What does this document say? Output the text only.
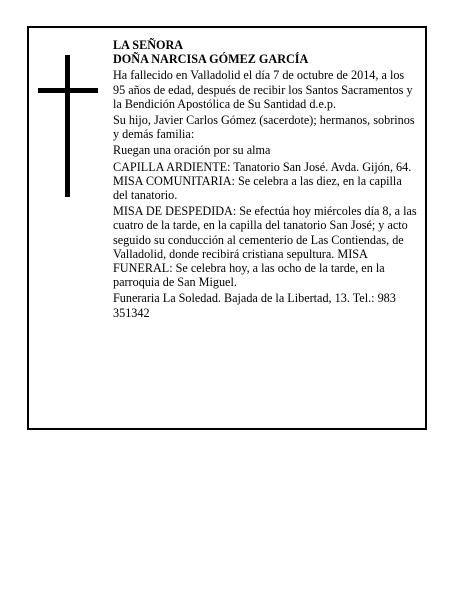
LA SEÑORA

DOÑA NARCISA GÓMEZ GARCÍA

Ha fallecido en Valladolid el día 7 de octubre de 2014, a los 95 años de edad, después de recibir los Santos Sacramentos y la Bendición Apostólica de Su Santidad d.e.p.

Su hijo, Javier Carlos Gómez (sacerdote); hermanos, sobrinos y demás familia:

Ruegan una oración por su alma

CAPILLA ARDIENTE: Tanatorio San José. Avda. Gijón, 64. MISA COMUNITARIA: Se celebra a las diez, en la capilla del tanatorio.

MISA DE DESPEDIDA: Se efectúa hoy miércoles día 8, a las cuatro de la tarde, en la capilla del tanatorio San José; y acto seguido su conducción al cementerio de Las Contiendas, de Valladolid, donde recibirá cristiana sepultura. MISA FUNERAL: Se celebra hoy, a las ocho de la tarde, en la parroquia de San Miguel.

Funeraria La Soledad. Bajada de la Libertad, 13. Tel.: 983 351342
